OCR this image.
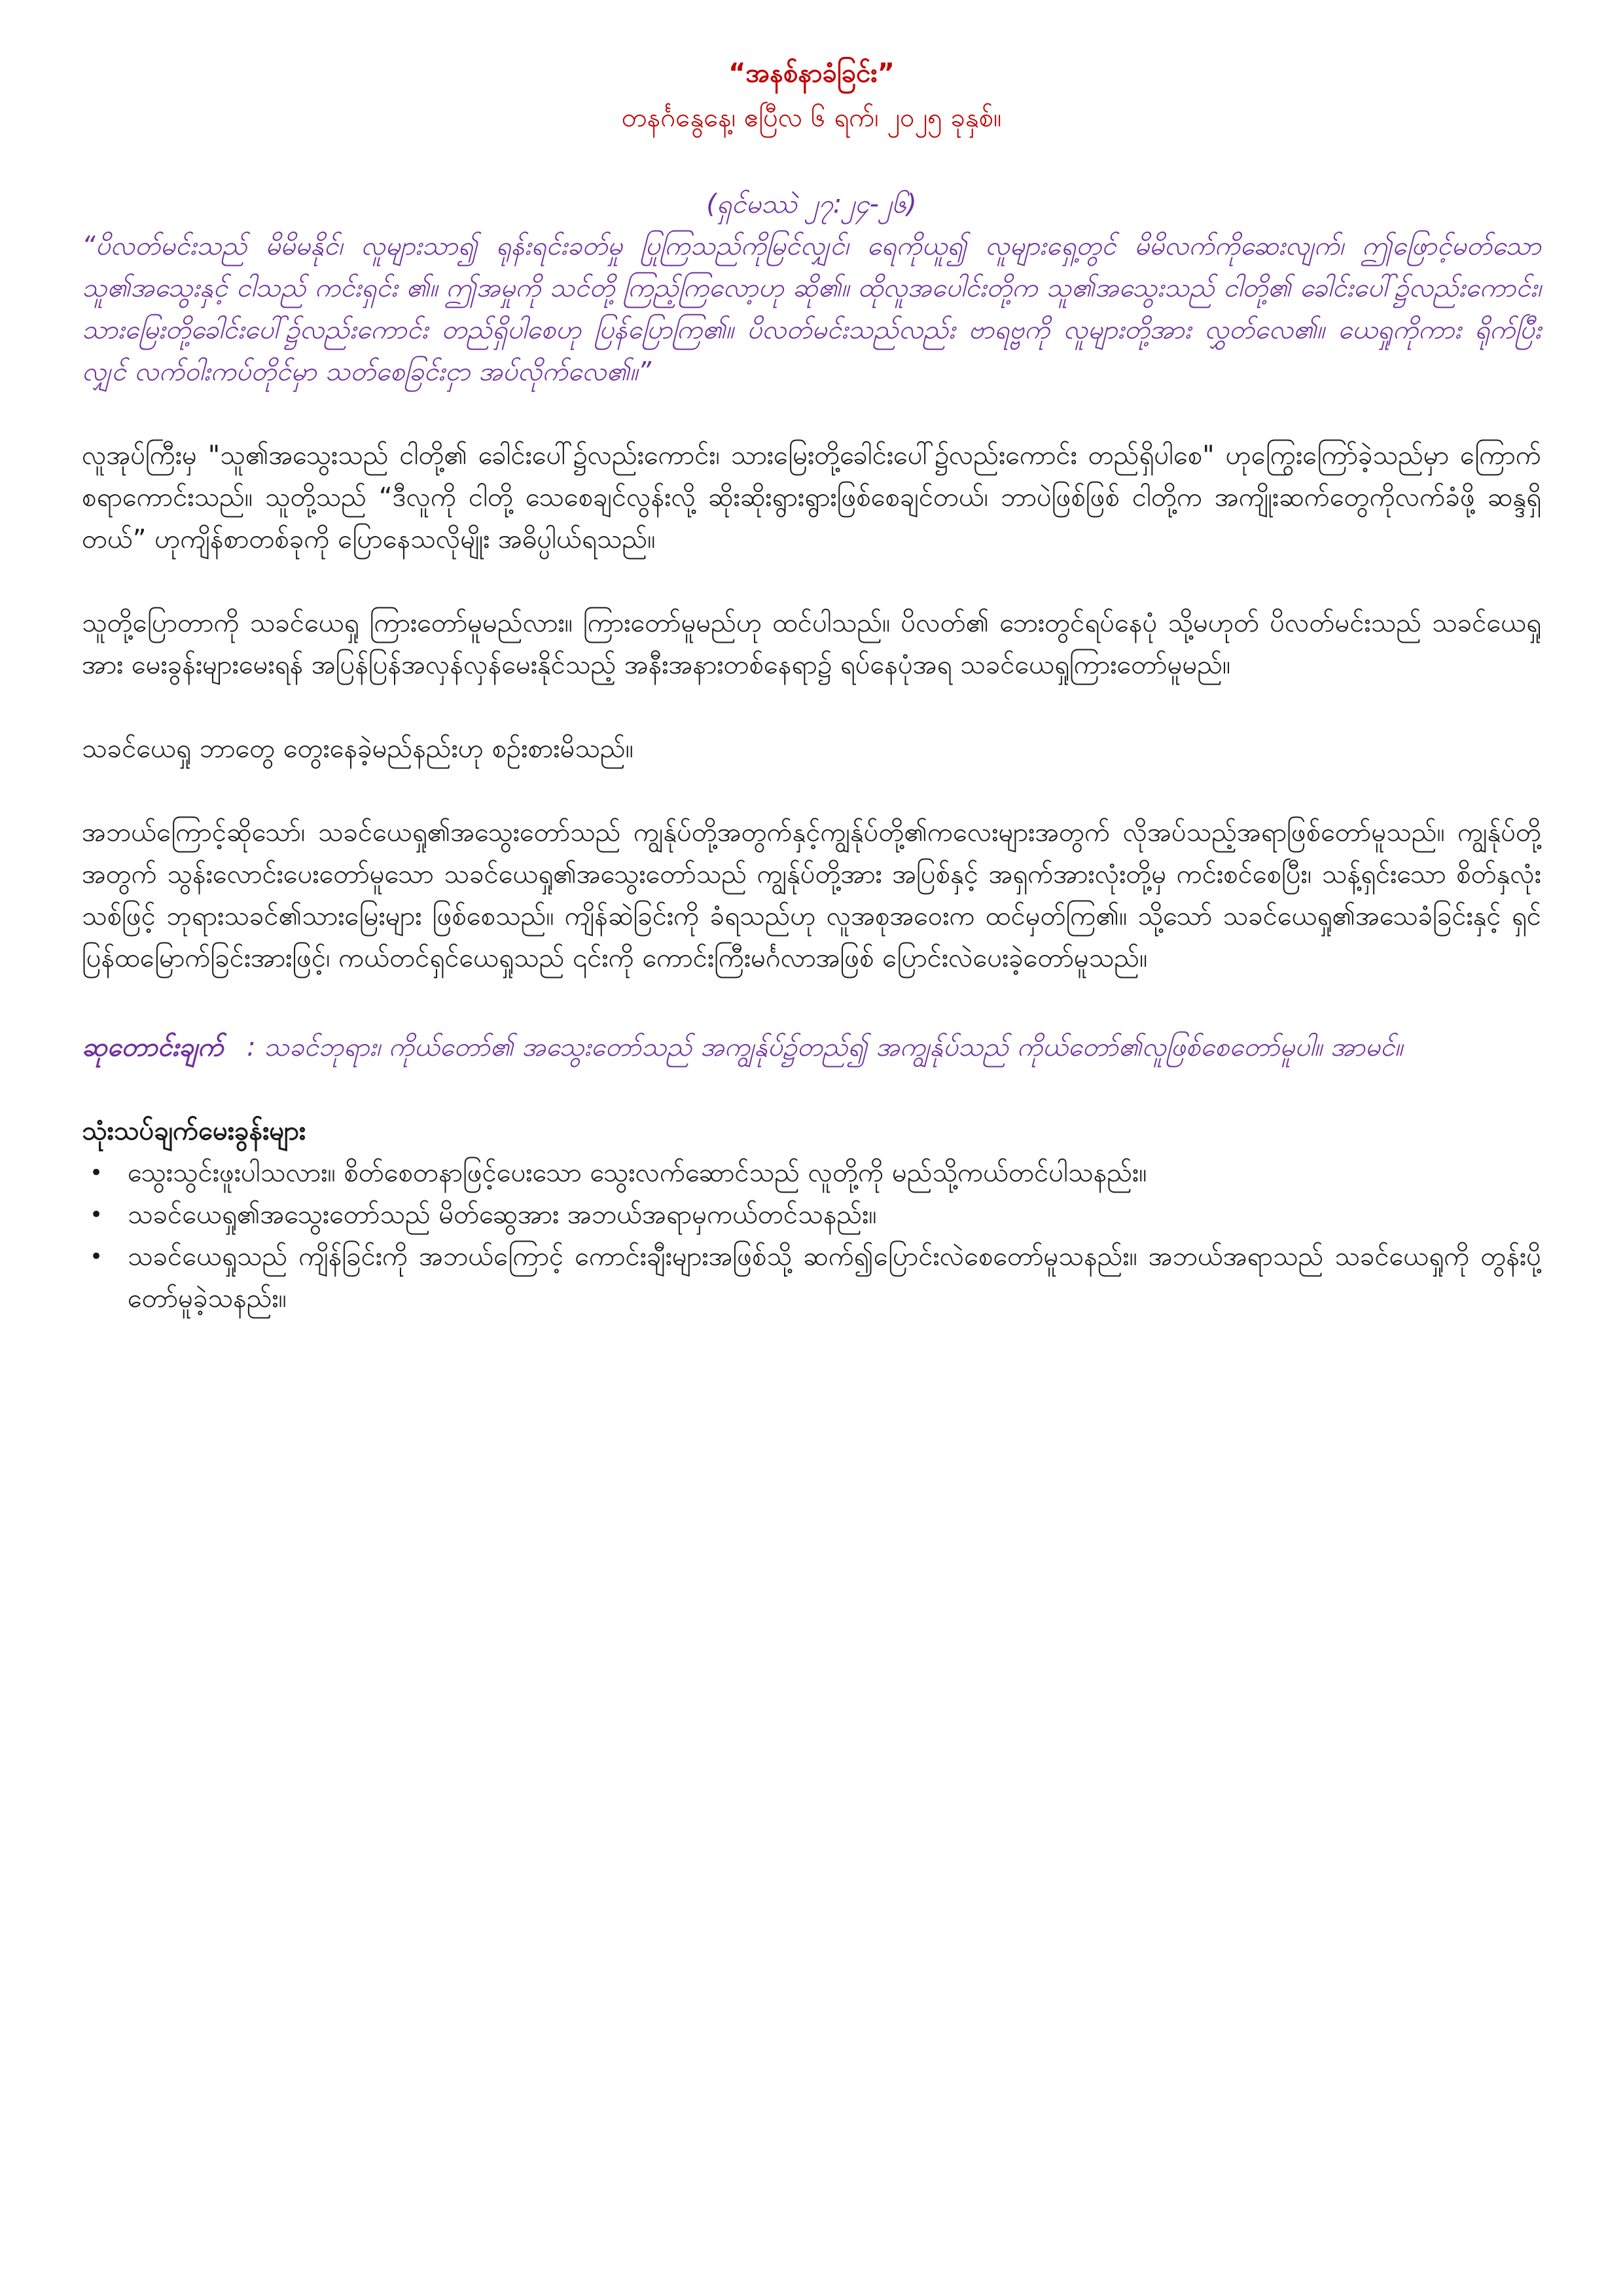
“အနစ်နာခံခြင်း”

တနင်္ဂနွေနေ့၊ ဧပြီလ ၆ ရက်၊ ၂၀၂၅ ခုနှစ်။

(ရှင်မဿဲ ၂၇:၂၄-၂၆)

“ပိလတ်မင်းသည် မိမိမနိုင်၊ လူများသာ၍ ရုန်းရင်းခတ်မှု ပြုကြသည်ကိုမြင်လျှင်၊ ရေကိုယူ၍ လူများရှေ့တွင် မိမိလက်ကိုဆေးလျက်၊ ဤဖြောင့်မတ်သောသူ၏အသွေးနှင့် ငါသည် ကင်းရှင်း ၏။ ဤအမှုကို သင်တို့ ကြည့်ကြလော့ဟု ဆို၏။ ထိုလူအပေါင်းတို့က သူ၏အသွေးသည် ငါတို့၏ ခေါင်းပေါ်၌လည်းကောင်း၊ သားမြေးတို့ခေါင်းပေါ်၌လည်းကောင်း တည်ရှိပါစေဟု ပြန်ပြောကြ၏။ ပိလတ်မင်းသည်လည်း ဗာရဗ္ဗကို လူများတို့အား လွှတ်လေ၏။ ယေရှုကိုကား ရိုက်ပြီးလျှင် လက်ဝါးကပ်တိုင်မှာ သတ်စေခြင်းငှာ အပ်လိုက်လေ၏။”

လူအုပ်ကြီးမှ "သူ၏အသွေးသည် ငါတို့၏ ခေါင်းပေါ်၌လည်းကောင်း၊ သားမြေးတို့ခေါင်းပေါ်၌လည်းကောင်း တည်ရှိပါစေ" ဟုကြွေးကြော်ခဲ့သည်မှာ ကြောက်စရာကောင်းသည်။ သူတို့သည် “ဒီလူကို ငါတို့ သေစေချင်လွန်းလို့ ဆိုးဆိုးရွားရွားဖြစ်စေချင်တယ်၊ ဘာပဲဖြစ်ဖြစ် ငါတို့က အကျိုးဆက်တွေကိုလက်ခံဖို့ ဆန္ဒရှိတယ်” ဟုကျိန်စာတစ်ခုကို ပြောနေသလိုမျိုး အဓိပ္ပါယ်ရသည်။

သူတို့ပြောတာကို သခင်ယေရှု ကြားတော်မူမည်လား။ ကြားတော်မူမည်ဟု ထင်ပါသည်။ ပိလတ်၏ ဘေးတွင်ရပ်နေပုံ သို့မဟုတ် ပိလတ်မင်းသည် သခင်ယေရှုအား မေးခွန်းများမေးရန် အပြန်ပြန်အလှန်လှန်မေးနိုင်သည့် အနီးအနားတစ်နေရာ၌ ရပ်နေပုံအရ သခင်ယေရှုကြားတော်မူမည်။

သခင်ယေရှု ဘာတွေ တွေးနေခဲ့မည်နည်းဟု စဉ်းစားမိသည်။

အဘယ်ကြောင့်ဆိုသော်၊ သခင်ယေရှု၏အသွေးတော်သည် ကျွန်ုပ်တို့အတွက်နှင့်ကျွန်ုပ်တို့၏ကလေးများအတွက် လိုအပ်သည့်အရာဖြစ်တော်မူသည်။ ကျွန်ုပ်တို့အတွက် သွန်းလောင်းပေးတော်မူသော သခင်ယေရှု၏အသွေးတော်သည် ကျွန်ုပ်တို့အား အပြစ်နှင့် အရှက်အားလုံးတို့မှ ကင်းစင်စေပြီး၊ သန့်ရှင်းသော စိတ်နှလုံးသစ်ဖြင့် ဘုရားသခင်၏သားမြေးများ ဖြစ်စေသည်။ ကျိန်ဆဲခြင်းကို ခံရသည်ဟု လူအစုအဝေးက ထင်မှတ်ကြ၏။ သို့သော် သခင်ယေရှု၏အသေခံခြင်းနှင့် ရှင်ပြန်ထမြောက်ခြင်းအားဖြင့်၊ ကယ်တင်ရှင်ယေရှုသည် ၎င်းကို ကောင်းကြီးမင်္ဂလာအဖြစ် ပြောင်းလဲပေးခဲ့တော်မူသည်။

ဆုတောင်းချက် : သခင်ဘုရား၊ ကိုယ်တော်၏ အသွေးတော်သည် အကျွန်ုပ်၌တည်၍ အကျွန်ုပ်သည် ကိုယ်တော်၏လူဖြစ်စေတော်မူပါ။ အာမင်။

သုံးသပ်ချက်မေးခွန်းများ

• သွေးသွင်းဖူးပါသလား။ စိတ်စေတနာဖြင့်ပေးသော သွေးလက်ဆောင်သည် လူတို့ကို မည်သို့ကယ်တင်ပါသနည်း။
• သခင်ယေရှု၏အသွေးတော်သည် မိတ်ဆွေအား အဘယ်အရာမှကယ်တင်သနည်း။
• သခင်ယေရှုသည် ကျိန်ခြင်းကို အဘယ်ကြောင့် ကောင်းချီးများအဖြစ်သို့ ဆက်၍ပြောင်းလဲစေတော်မူသနည်း။ အဘယ်အရာသည် သခင်ယေရှုကို တွန်းပို့တော်မူခဲ့သနည်း။
